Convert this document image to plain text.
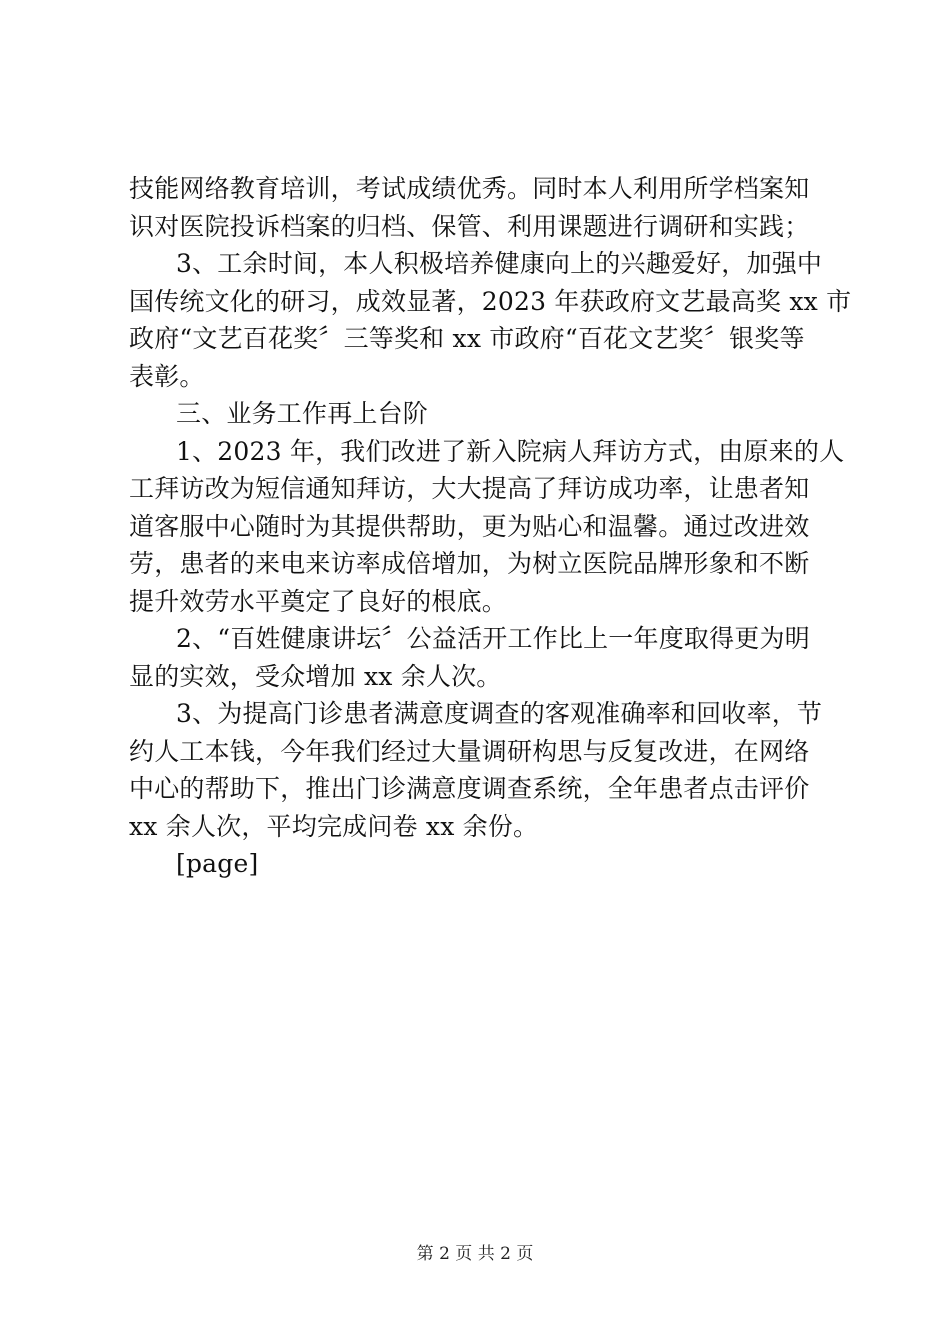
技能网络教育培训，考试成绩优秀。同时本人利用所学档案知
识对医院投诉档案的归档、保管、利用课题进行调研和实践；
3、工余时间，本人积极培养健康向上的兴趣爱好，加强中
国传统文化的研习，成效显著，2023 年获政府文艺最高奖 xx 市
政府“文艺百花奖〞三等奖和 xx 市政府“百花文艺奖〞银奖等
表彰。
三、业务工作再上台阶
1、2023 年，我们改进了新入院病人拜访方式，由原来的人
工拜访改为短信通知拜访，大大提高了拜访成功率，让患者知
道客服中心随时为其提供帮助，更为贴心和温馨。通过改进效
劳，患者的来电来访率成倍增加，为树立医院品牌形象和不断
提升效劳水平奠定了良好的根底。
2、“百姓健康讲坛〞公益活开工作比上一年度取得更为明
显的实效，受众增加 xx 余人次。
3、为提高门诊患者满意度调查的客观准确率和回收率，节
约人工本钱，今年我们经过大量调研构思与反复改进，在网络
中心的帮助下，推出门诊满意度调查系统，全年患者点击评价
xx 余人次，平均完成问卷 xx 余份。
[page]
第 2 页 共 2 页
